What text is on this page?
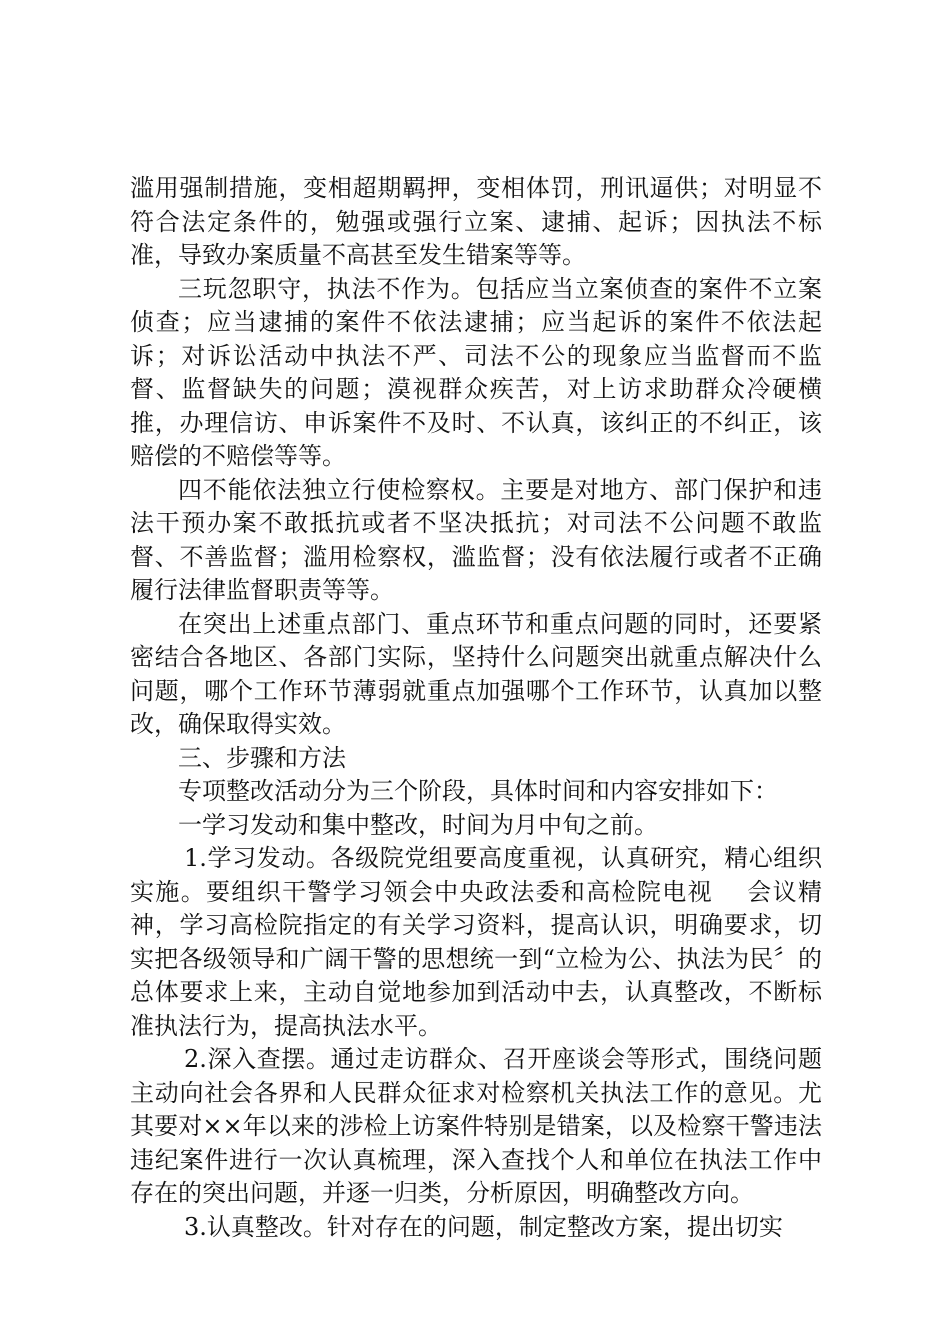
滥用强制措施，变相超期羁押，变相体罚，刑讯逼供；对明显不符合法定条件的，勉强或强行立案、逮捕、起诉；因执法不标准，导致办案质量不高甚至发生错案等等。

三玩忽职守，执法不作为。包括应当立案侦查的案件不立案侦查；应当逮捕的案件不依法逮捕；应当起诉的案件不依法起诉；对诉讼活动中执法不严、司法不公的现象应当监督而不监督、监督缺失的问题；漠视群众疾苦，对上访求助群众冷硬横推，办理信访、申诉案件不及时、不认真，该纠正的不纠正，该赔偿的不赔偿等等。

四不能依法独立行使检察权。主要是对地方、部门保护和违法干预办案不敢抵抗或者不坚决抵抗；对司法不公问题不敢监督、不善监督；滥用检察权，滥监督；没有依法履行或者不正确履行法律监督职责等等。

在突出上述重点部门、重点环节和重点问题的同时，还要紧密结合各地区、各部门实际，坚持什么问题突出就重点解决什么问题，哪个工作环节薄弱就重点加强哪个工作环节，认真加以整改，确保取得实效。

三、步骤和方法

专项整改活动分为三个阶段，具体时间和内容安排如下：

一学习发动和集中整改，时间为月中旬之前。

1.学习发动。各级院党组要高度重视，认真研究，精心组织实施。要组织干警学习领会中央政法委和高检院电视　 会议精神，学习高检院指定的有关学习资料，提高认识，明确要求，切实把各级领导和广阔干警的思想统一到“立检为公、执法为民〞的总体要求上来，主动自觉地参加到活动中去，认真整改，不断标准执法行为，提高执法水平。

2.深入查摆。通过走访群众、召开座谈会等形式，围绕问题主动向社会各界和人民群众征求对检察机关执法工作的意见。尤其要对××年以来的涉检上访案件特别是错案，以及检察干警违法违纪案件进行一次认真梳理，深入查找个人和单位在执法工作中存在的突出问题，并逐一归类，分析原因，明确整改方向。

3.认真整改。针对存在的问题，制定整改方案，提出切实
